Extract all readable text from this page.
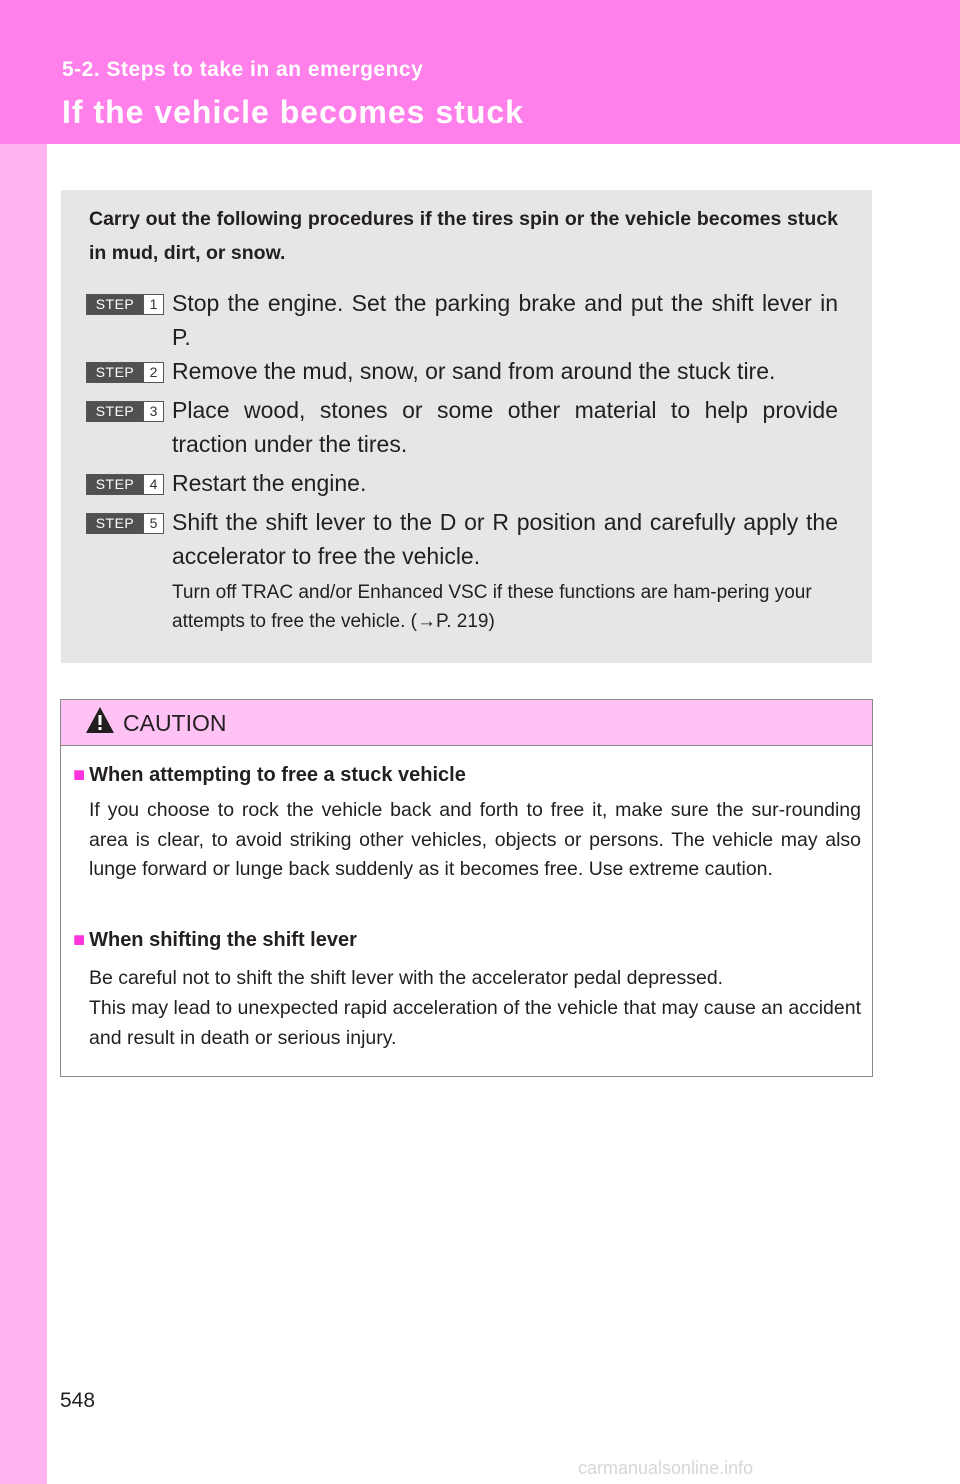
5-2. Steps to take in an emergency
If the vehicle becomes stuck
Carry out the following procedures if the tires spin or the vehicle becomes stuck in mud, dirt, or snow.
STEP	1 Stop the engine. Set the parking brake and put the shift lever in P.
STEP	2 Remove the mud, snow, or sand from around the stuck tire.
STEP	3 Place wood, stones or some other material to help provide traction under the tires.
STEP	4 Restart the engine.
STEP	5 Shift the shift lever to the D or R position and carefully apply the accelerator to free the vehicle.
Turn off TRAC and/or Enhanced VSC if these functions are ham-pering your attempts to free the vehicle. (→P. 219)
CAUTION
■ When attempting to free a stuck vehicle
If you choose to rock the vehicle back and forth to free it, make sure the sur-rounding area is clear, to avoid striking other vehicles, objects or persons. The vehicle may also lunge forward or lunge back suddenly as it becomes free. Use extreme caution.
■ When shifting the shift lever
Be careful not to shift the shift lever with the accelerator pedal depressed.
This may lead to unexpected rapid acceleration of the vehicle that may cause an accident and result in death or serious injury.
548
carmanualsonline.info
